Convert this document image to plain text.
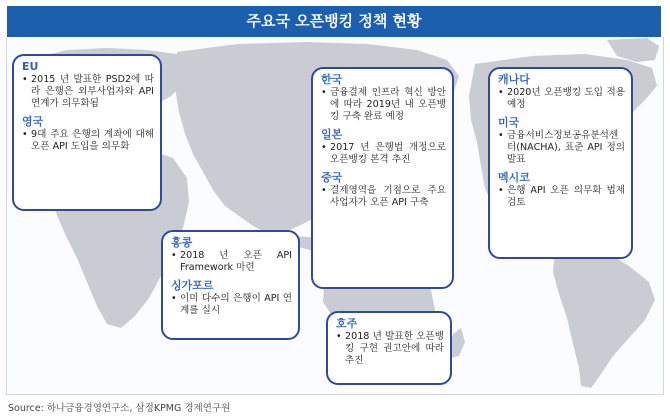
주요국 오픈뱅킹 정책 현황

EU

• 2015 년 발표한 PSD2에 따라 은행은 외부사업자와 API 연계가 의무화됨

영국

• 9대 주요 은행의 계좌에 대해 오픈 API 도입을 의무화

홍콩

• 2018 년 오픈 API Framework 마련

싱가포르

• 이미 다수의 은행이 API 연계를 실시

한국

• 금융결제 인프라 혁신 방안에 따라 2019년 내 오픈뱅킹 구축 완료 예정

일본

• 2017 년 은행법 개정으로 오픈뱅킹 본격 추진

중국

• 결제영역을 기점으로 주요 사업자가 오픈 API 구축

호주

• 2018 년 발표한 오픈뱅킹 구현 권고안에 따라 추진

캐나다

• 2020년 오픈뱅킹 도입 적용 예정

미국

• 금융서비스정보공유분석센터(NACHA), 표준 API 정의 발표

멕시코

• 은행 API 오픈 의무화 법제 검토
Source: 하나금융경영연구소, 삼정KPMG 경제연구원
